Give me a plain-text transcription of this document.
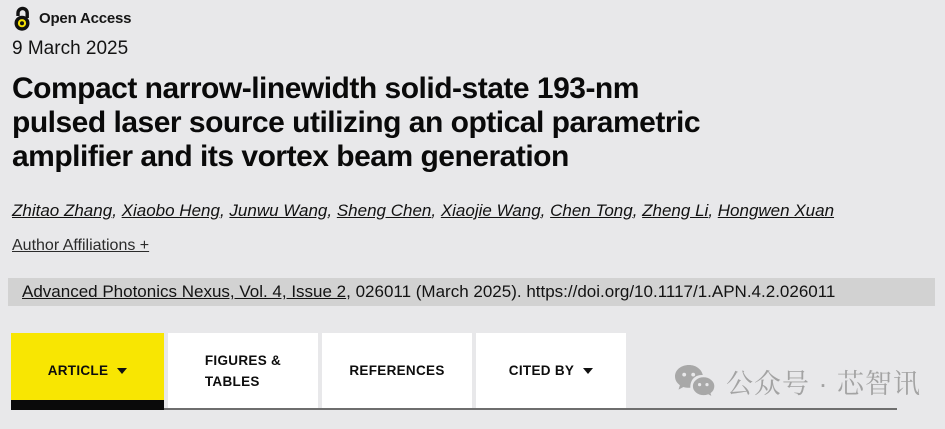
Open Access
9 March 2025
Compact narrow-linewidth solid-state 193-nm
pulsed laser source utilizing an optical parametric
amplifier and its vortex beam generation
Zhitao Zhang, Xiaobo Heng, Junwu Wang, Sheng Chen, Xiaojie Wang, Chen Tong, Zheng Li, Hongwen Xuan
Author Affiliations +
Advanced Photonics Nexus, Vol. 4, Issue 2, 026011 (March 2025). https://doi.org/10.1117/1.APN.4.2.026011
ARTICLE
FIGURES &
TABLES
REFERENCES	CITED BY	公众号 · 芯智讯
